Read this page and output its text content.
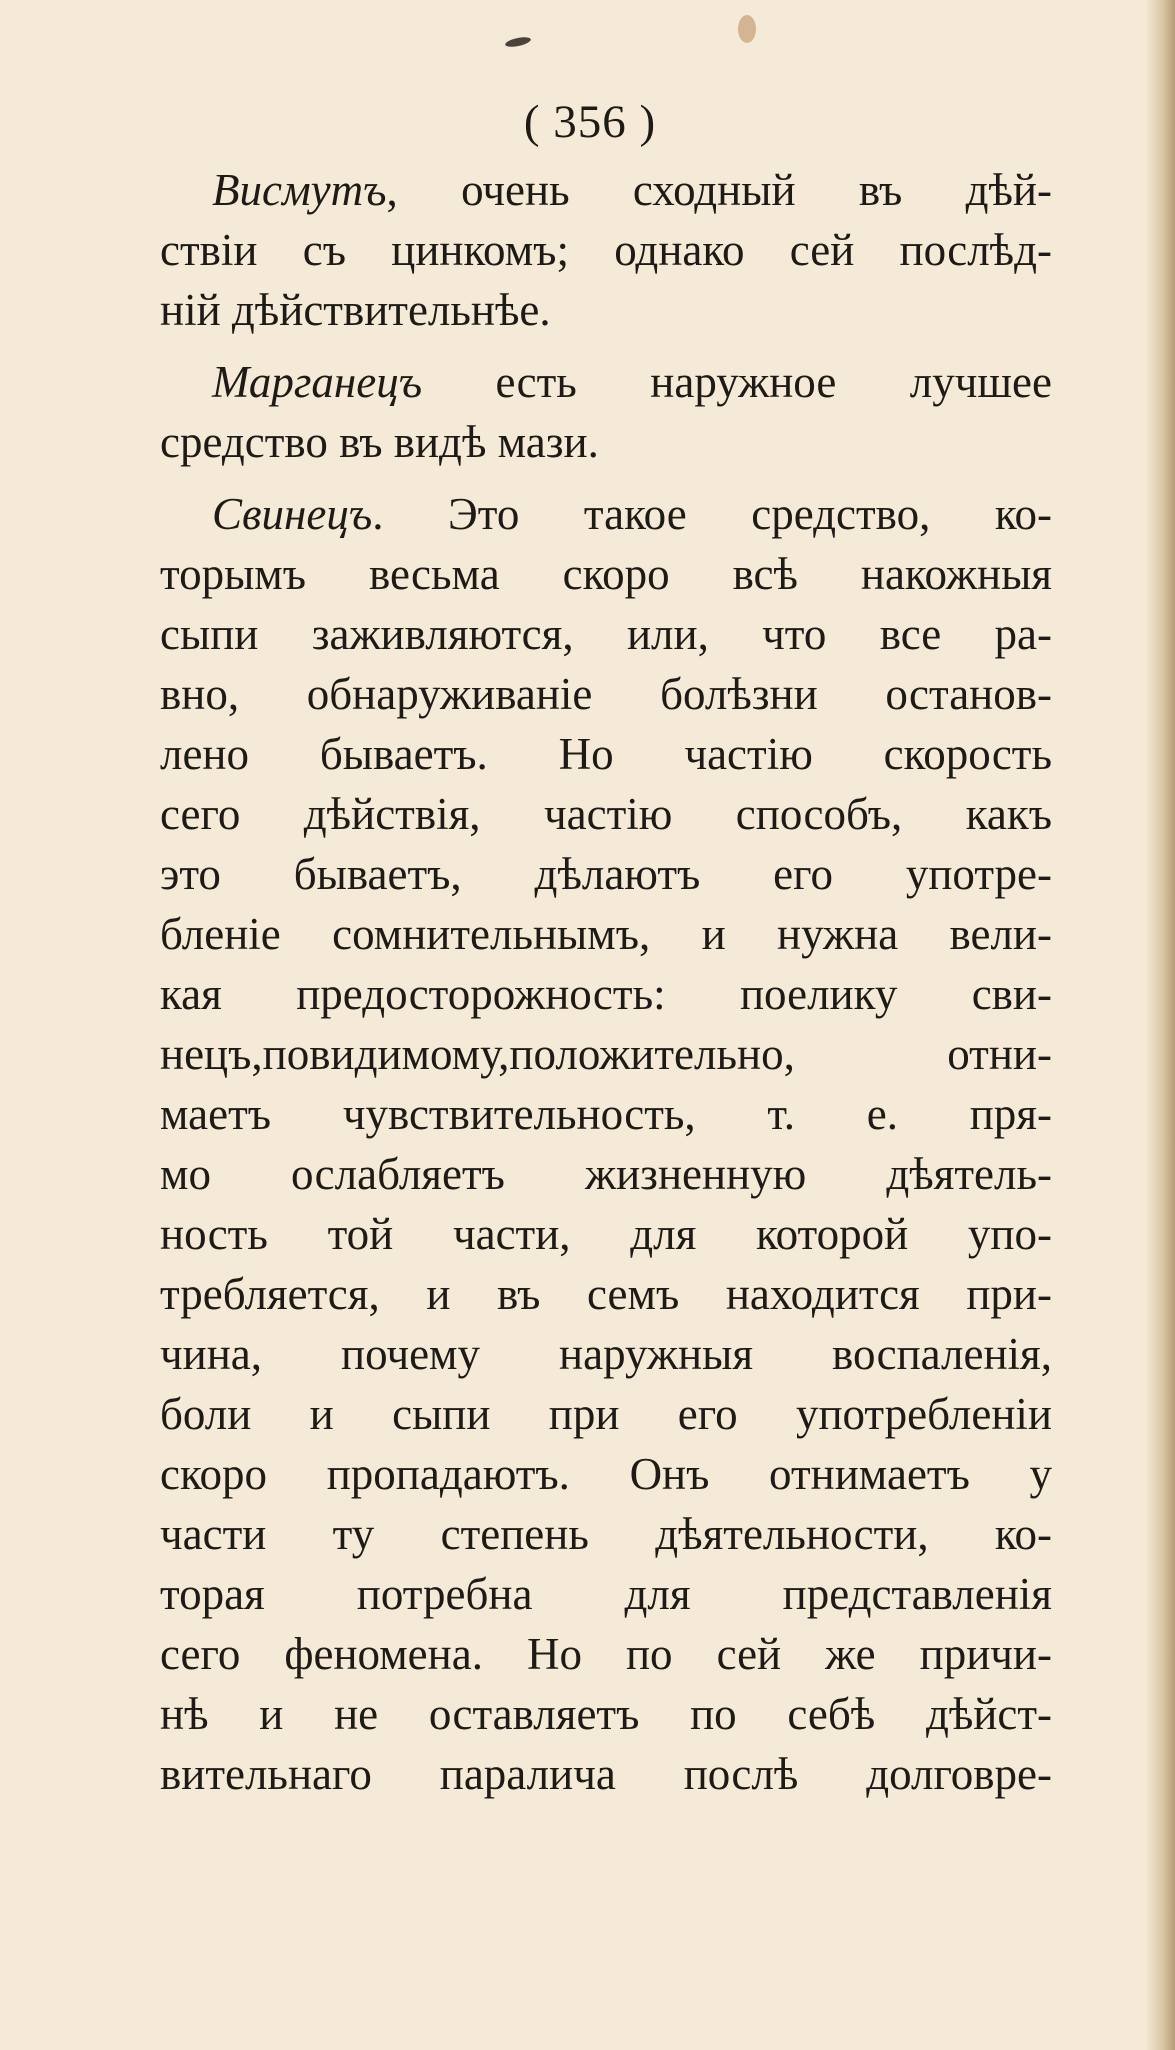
( 356 )
Висмутъ, очень сходный въ дѣй-
ствіи съ цинкомъ; однако сей послѣд-
ній дѣйствительнѣе.
Марганецъ есть наружное лучшее
средство въ видѣ мази.
Свинецъ. Это такое средство, ко-
торымъ весьма скоро всѣ накожныя
сыпи заживляются, или, что все ра-
вно, обнаруживаніе болѣзни останов-
лено бываетъ. Но частію скорость
сего дѣйствія, частію способъ, какъ
это бываетъ, дѣлаютъ его употре-
бленіе сомнительнымъ, и нужна вели-
кая предосторожность: поелику сви-
нецъ,повидимому,положительно, отни-
маетъ чувствительность, т. е. пря-
мо ослабляетъ жизненную дѣятель-
ность той части, для которой упо-
требляется, и въ семъ находится при-
чина, почему наружныя воспаленія,
боли и сыпи при его употребленіи
скоро пропадаютъ. Онъ отнимаетъ у
части ту степень дѣятельности, ко-
торая потребна для представленія
сего феномена. Но по сей же причи-
нѣ и не оставляетъ по себѣ дѣйст-
вительнаго паралича послѣ долговре-
